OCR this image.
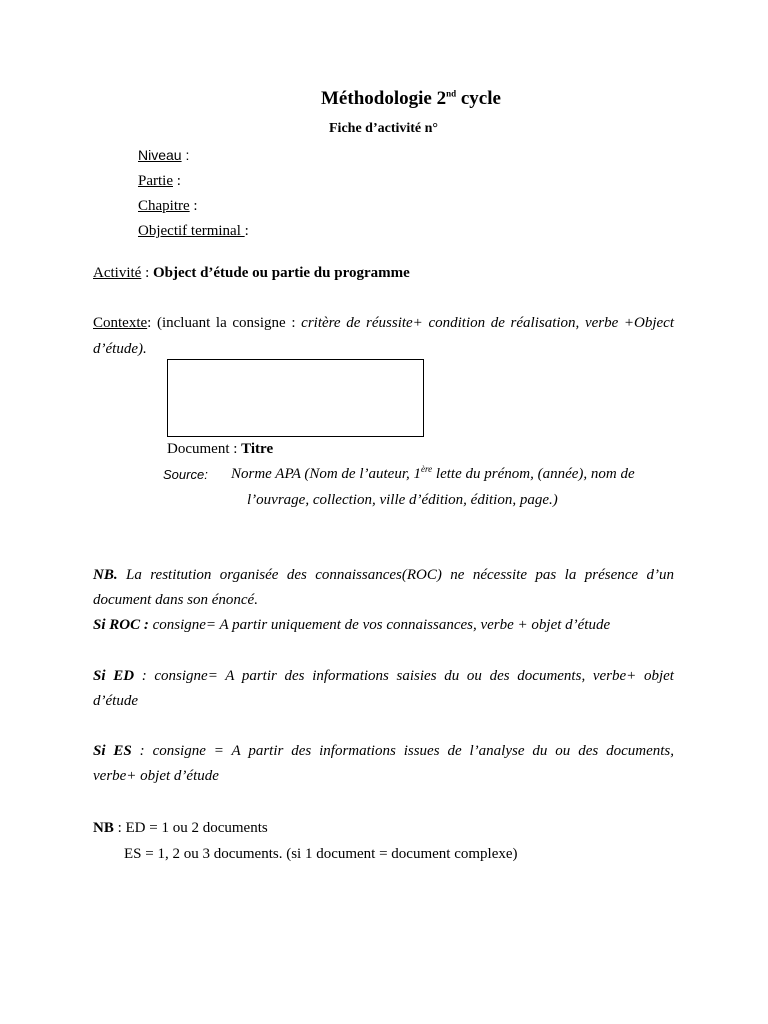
Méthodologie 2nd cycle
Fiche d’activité n°
Niveau :
Partie :
Chapitre :
Objectif terminal :
Activité : Object d’étude ou partie du programme
Contexte: (incluant la consigne : critère de réussite+ condition de réalisation, verbe +Object
d’étude).
Document : Titre
Source: Norme APA (Nom de l’auteur, 1ère lette du prénom, (année), nom de
l’ouvrage, collection, ville d’édition, édition, page.)
NB. La restitution organisée des connaissances(ROC) ne nécessite pas la présence d’un
document dans son énoncé.
Si ROC : consigne= A partir uniquement de vos connaissances, verbe + objet d’étude
Si ED : consigne= A partir des informations saisies du ou des documents, verbe+ objet
d’étude
Si ES : consigne = A partir des informations issues de l’analyse du ou des documents,
verbe+ objet d’étude
NB : ED = 1 ou 2 documents
ES = 1, 2 ou 3 documents. (si 1 document = document complexe)
